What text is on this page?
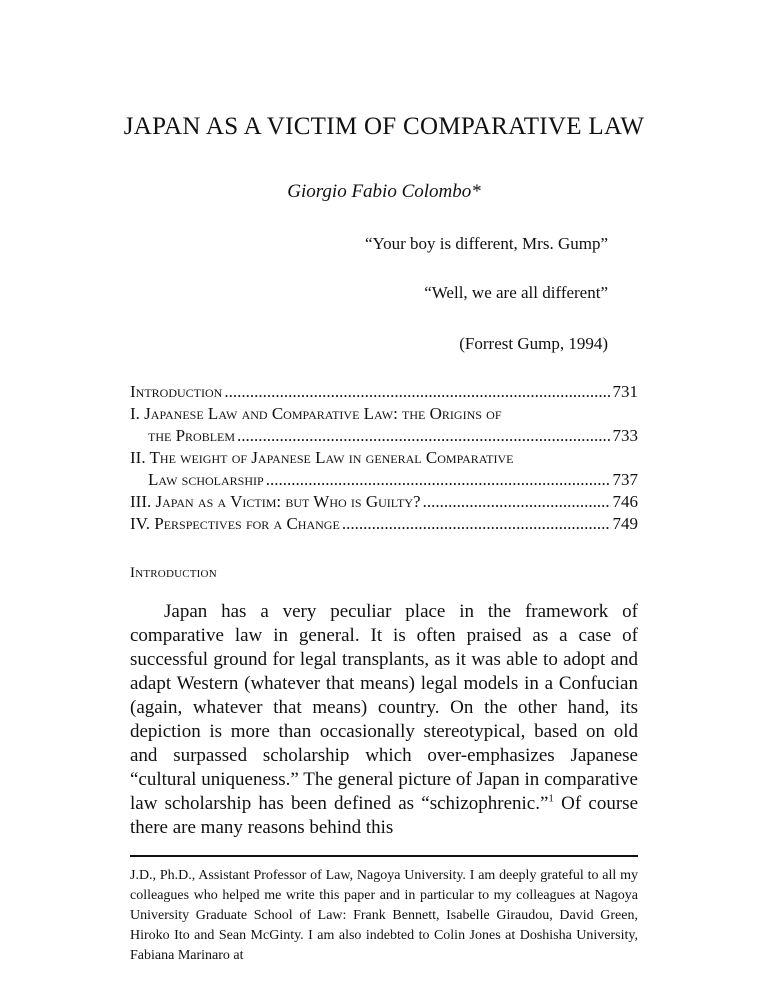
JAPAN AS A VICTIM OF COMPARATIVE LAW
Giorgio Fabio Colombo*
“Your boy is different, Mrs. Gump”
“Well, we are all different”
(Forrest Gump, 1994)
Introduction .....	731
I. Japanese Law and Comparative Law: the Origins of
the Problem .....	733
II. The weight of Japanese Law in general Comparative
Law scholarship .....	737
III. Japan as a Victim: but Who is Guilty? .....	746
IV. Perspectives for a Change .....	749
Introduction

Japan has a very peculiar place in the framework of comparative law in general. It is often praised as a case of successful ground for legal transplants, as it was able to adopt and adapt Western (whatever that means) legal models in a Confucian (again, whatever that means) country. On the other hand, its depiction is more than occasionally stereotypical, based on old and surpassed scholarship which over-emphasizes Japanese “cultural uniqueness.” The general picture of Japan in comparative law scholarship has been defined as “schizophrenic.”$^1$ Of course there are many reasons behind this

J.D., Ph.D., Assistant Professor of Law, Nagoya University. I am deeply grateful to all my colleagues who helped me write this paper and in particular to my colleagues at Nagoya University Graduate School of Law: Frank Bennett, Isabelle Giraudou, David Green, Hiroko Ito and Sean McGinty. I am also indebted to Colin Jones at Doshisha University, Fabiana Marinaro at
